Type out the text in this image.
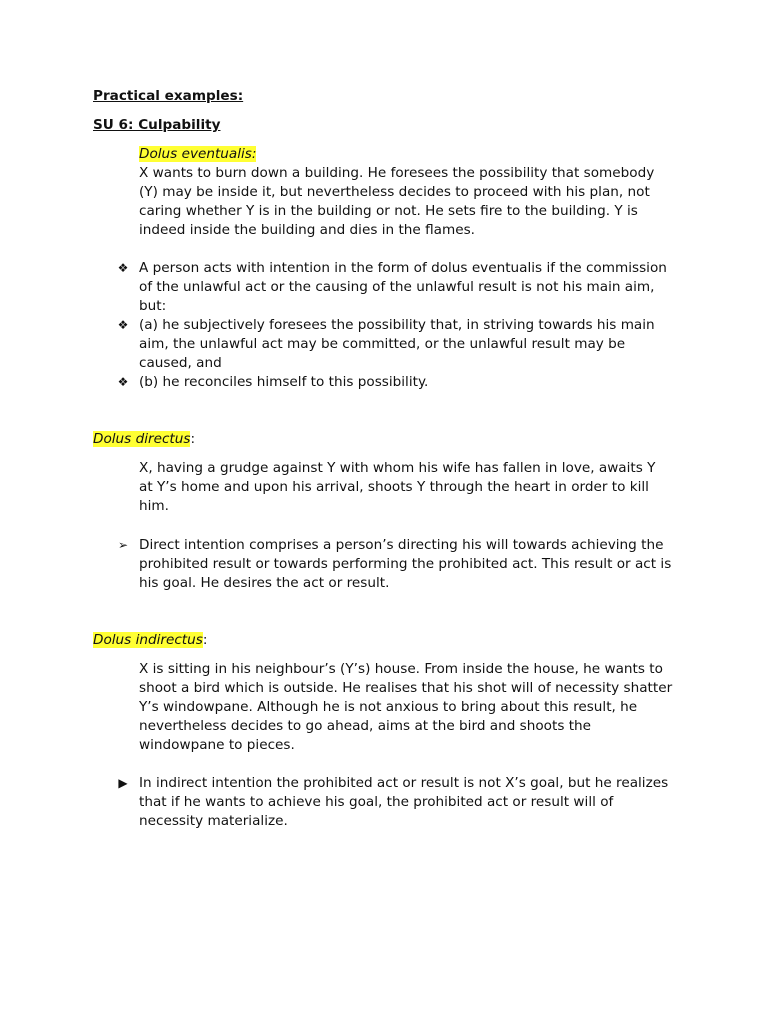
Practical examples:
SU 6: Culpability
Dolus eventualis:
X wants to burn down a building. He foresees the possibility that somebody
(Y) may be inside it, but nevertheless decides to proceed with his plan, not
caring whether Y is in the building or not. He sets fire to the building. Y is
indeed inside the building and dies in the flames.
❖ A person acts with intention in the form of dolus eventualis if the commission
of the unlawful act or the causing of the unlawful result is not his main aim,
but:
❖ (a) he subjectively foresees the possibility that, in striving towards his main
aim, the unlawful act may be committed, or the unlawful result may be
caused, and
❖ (b) he reconciles himself to this possibility.
Dolus directus:
X, having a grudge against Y with whom his wife has fallen in love, awaits Y
at Y’s home and upon his arrival, shoots Y through the heart in order to kill
him.
➢ Direct intention comprises a person’s directing his will towards achieving the
prohibited result or towards performing the prohibited act. This result or act is
his goal. He desires the act or result.
Dolus indirectus:
X is sitting in his neighbour’s (Y’s) house. From inside the house, he wants to
shoot a bird which is outside. He realises that his shot will of necessity shatter
Y’s windowpane. Although he is not anxious to bring about this result, he
nevertheless decides to go ahead, aims at the bird and shoots the
windowpane to pieces.
▶ In indirect intention the prohibited act or result is not X’s goal, but he realizes
that if he wants to achieve his goal, the prohibited act or result will of
necessity materialize.
